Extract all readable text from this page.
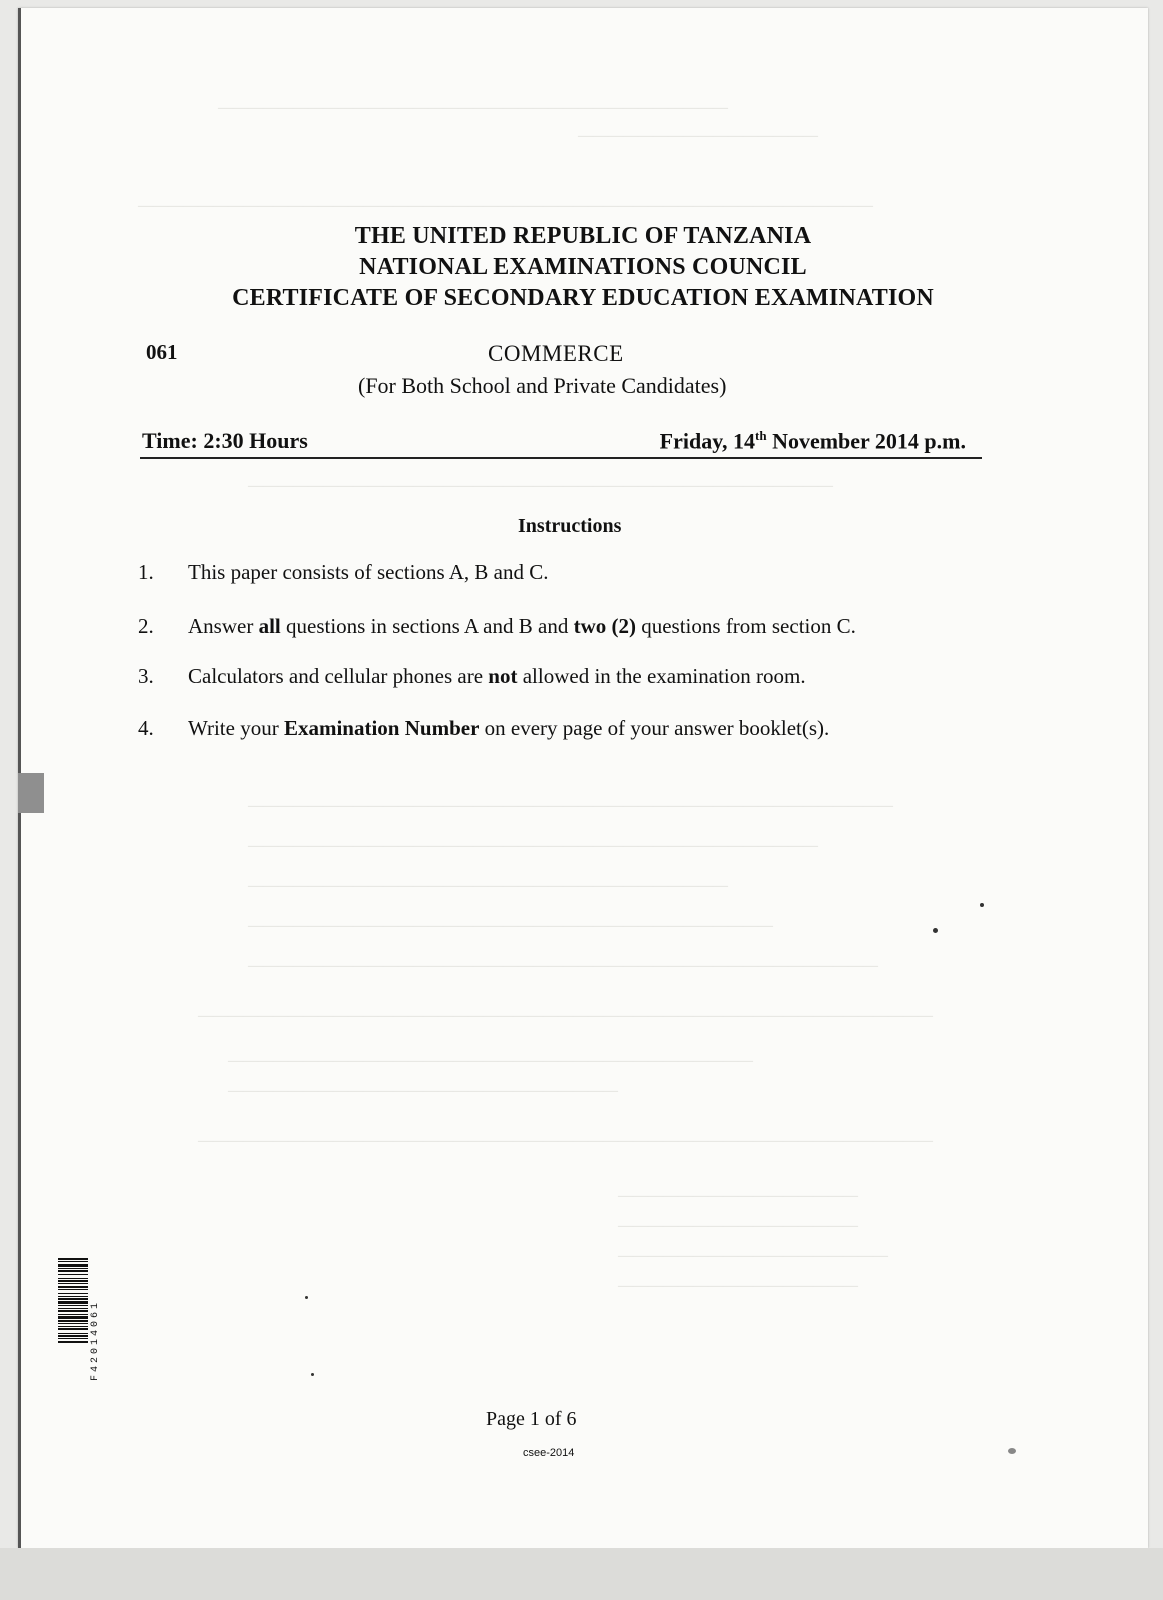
——————————————————————————————————
————————————————
—————————————————————————————————————————————————
———————————————————————————————————————
———————————————————————————————————————————
——————————————————————————————————————
————————————————————————————————
———————————————————————————————————
——————————————————————————————————————————
—————————————————————————————————————————————————
———————————————————————————————————
——————————————————————————
—————————————————————————————————————————————————
————————————————
————————————————
——————————————————
————————————————
THE UNITED REPUBLIC OF TANZANIA
NATIONAL EXAMINATIONS COUNCIL
CERTIFICATE OF SECONDARY EDUCATION EXAMINATION
061	COMMERCE
(For Both School and Private Candidates)
Time: 2:30 Hours	Friday, 14th November 2014 p.m.
Instructions
1. This paper consists of sections A, B and C.
2. Answer all questions in sections A and B and two (2) questions from section C.
3. Calculators and cellular phones are not allowed in the examination room.
4. Write your Examination Number on every page of your answer booklet(s).
F42014061
Page 1 of 6
csee-2014
